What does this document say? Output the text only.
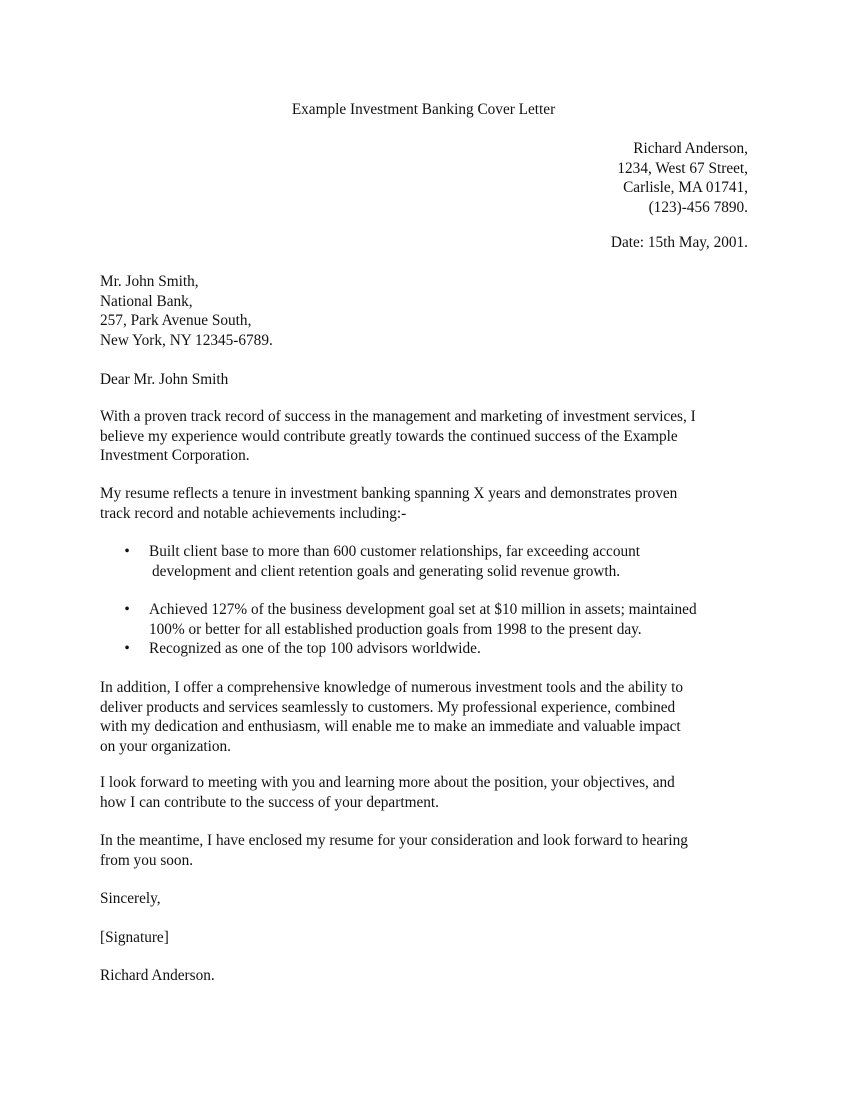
Example Investment Banking Cover Letter
Richard Anderson,
1234, West 67 Street,
Carlisle, MA 01741,
(123)-456 7890.
Date: 15th May, 2001.
Mr. John Smith,
National Bank,
257, Park Avenue South,
New York, NY 12345-6789.
Dear Mr. John Smith
With a proven track record of success in the management and marketing of investment services, I
believe my experience would contribute greatly towards the continued success of the Example
Investment Corporation.
My resume reflects a tenure in investment banking spanning X years and demonstrates proven
track record and notable achievements including:-
• Built client base to more than 600 customer relationships, far exceeding account
development and client retention goals and generating solid revenue growth.
• Achieved 127% of the business development goal set at $10 million in assets; maintained
100% or better for all established production goals from 1998 to the present day.
• Recognized as one of the top 100 advisors worldwide.
In addition, I offer a comprehensive knowledge of numerous investment tools and the ability to
deliver products and services seamlessly to customers. My professional experience, combined
with my dedication and enthusiasm, will enable me to make an immediate and valuable impact
on your organization.
I look forward to meeting with you and learning more about the position, your objectives, and
how I can contribute to the success of your department.
In the meantime, I have enclosed my resume for your consideration and look forward to hearing
from you soon.
Sincerely,
[Signature]
Richard Anderson.
